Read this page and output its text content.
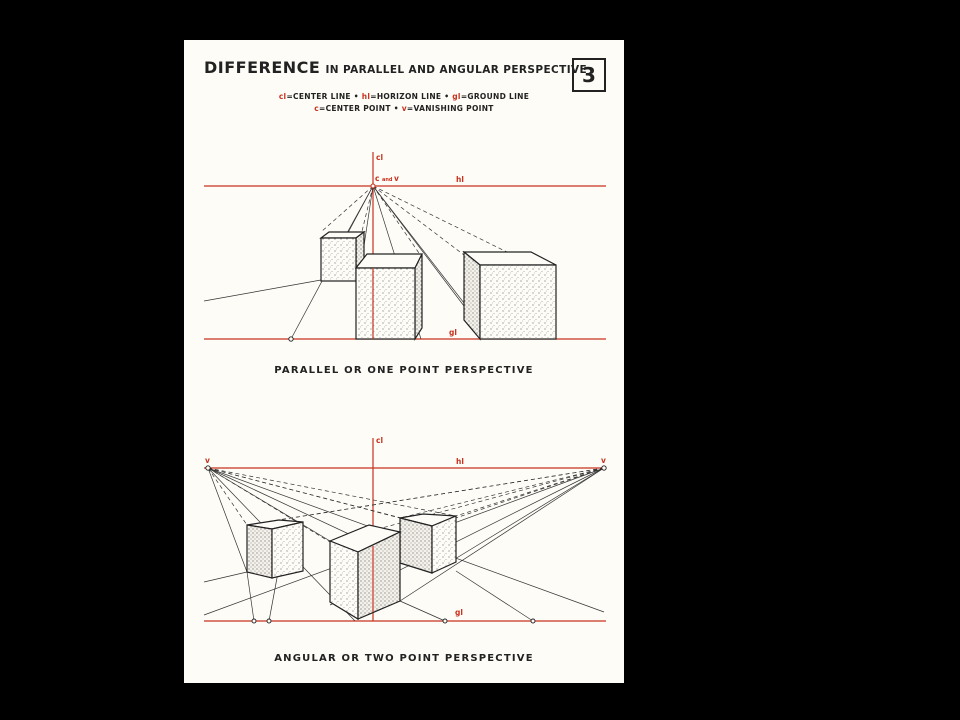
DIFFERENCE IN PARALLEL AND ANGULAR PERSPECTIVE
3
cl=CENTER LINE • hl=HORIZON LINE • gl=GROUND LINE
c=CENTER POINT • v=VANISHING POINT
cl
hl
gl
c and v
PARALLEL OR ONE POINT PERSPECTIVE
cl
hl
gl
v	v
ANGULAR OR TWO POINT PERSPECTIVE
